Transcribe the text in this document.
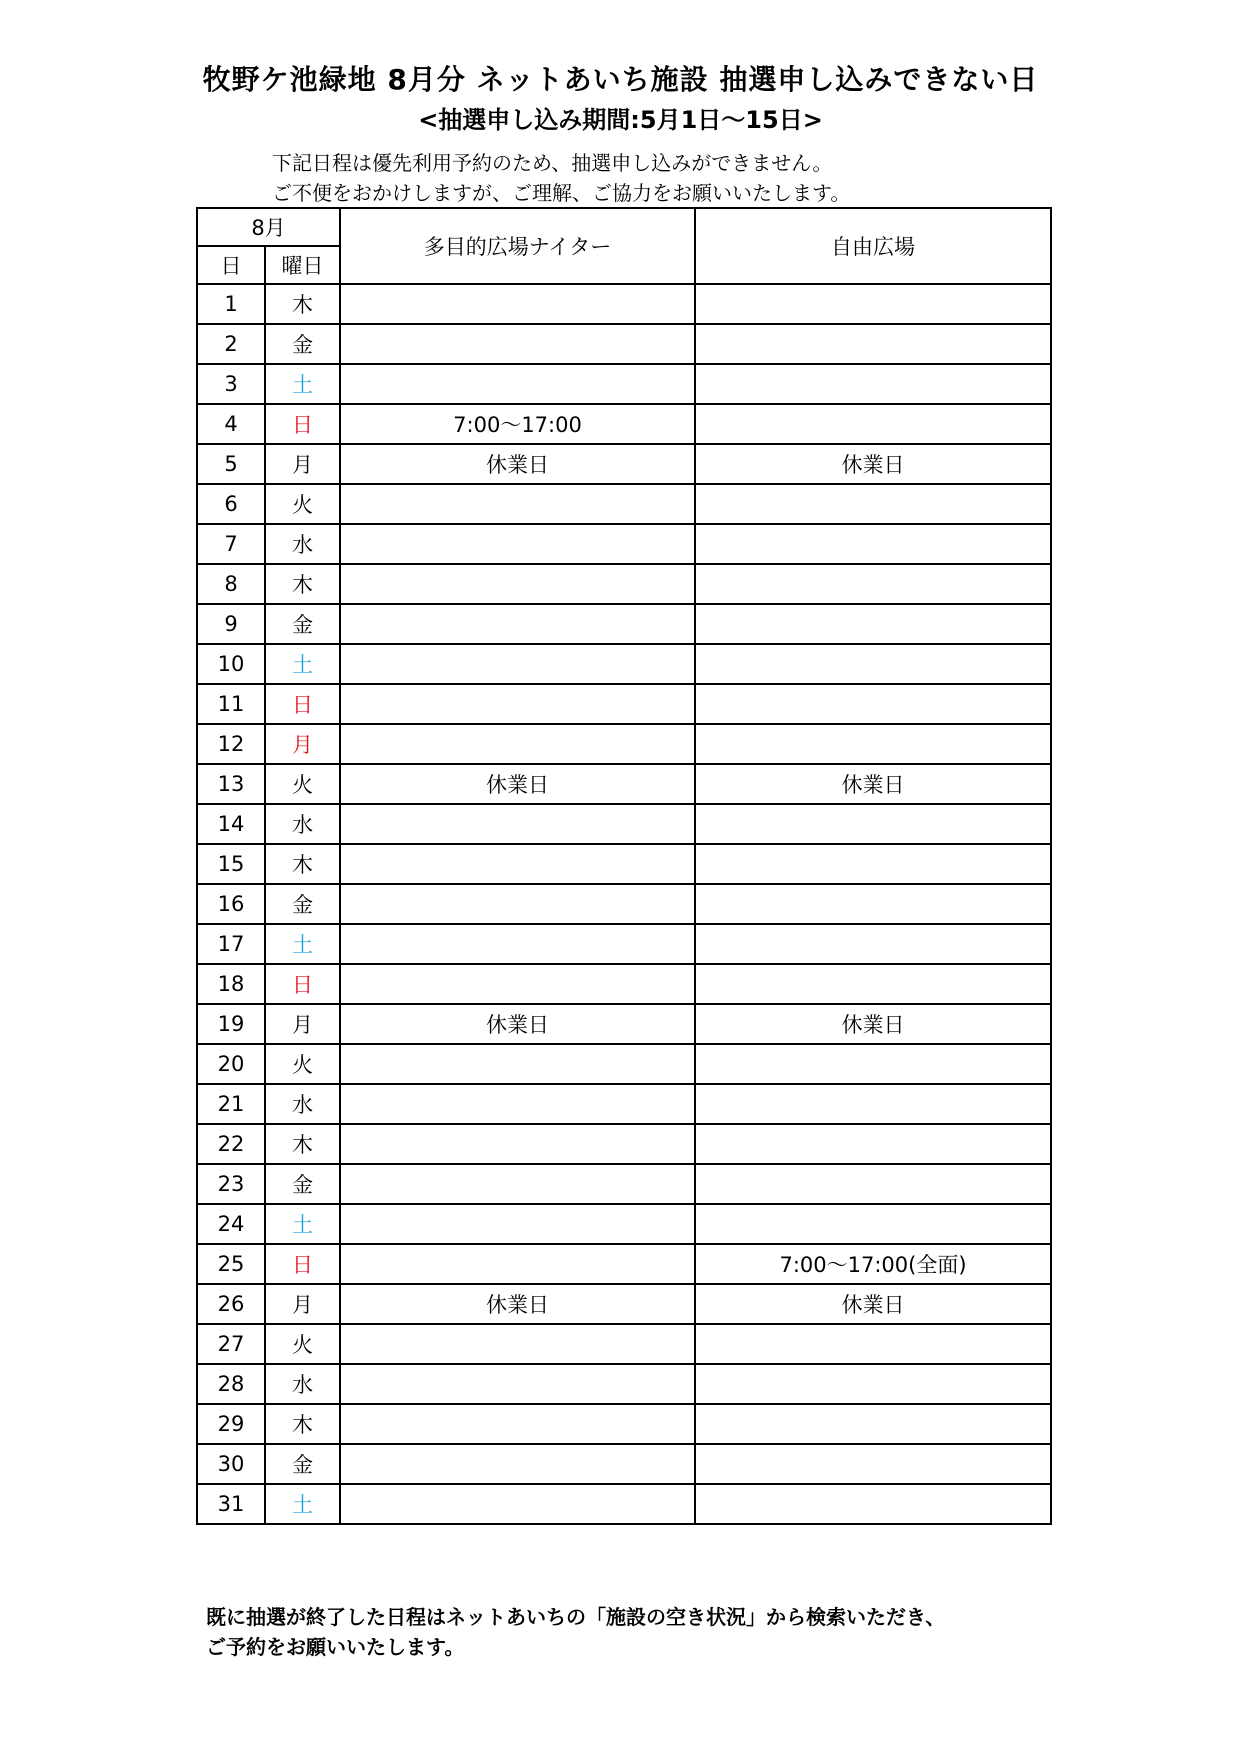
牧野ケ池緑地 8月分 ネットあいち施設 抽選申し込みできない日
<抽選申し込み期間:5月1日～15日>
下記日程は優先利用予約のため、抽選申し込みができません。
ご不便をおかけしますが、ご理解、ご協力をお願いいたします。
8月		多目的広場ナイター	自由広場
日	曜日		
1	木		
2	金		
3	土		
4	日	7:00～17:00	
5	月	休業日	休業日
6	火		
7	水		
8	木		
9	金		
10	土		
11	日		
12	月		
13	火	休業日	休業日
14	水		
15	木		
16	金		
17	土		
18	日		
19	月	休業日	休業日
20	火		
21	水		
22	木		
23	金		
24	土		
25	日		7:00～17:00(全面)
26	月	休業日	休業日
27	火		
28	水		
29	木		
30	金		
31	土		
既に抽選が終了した日程はネットあいちの「施設の空き状況」から検索いただき、
ご予約をお願いいたします。
